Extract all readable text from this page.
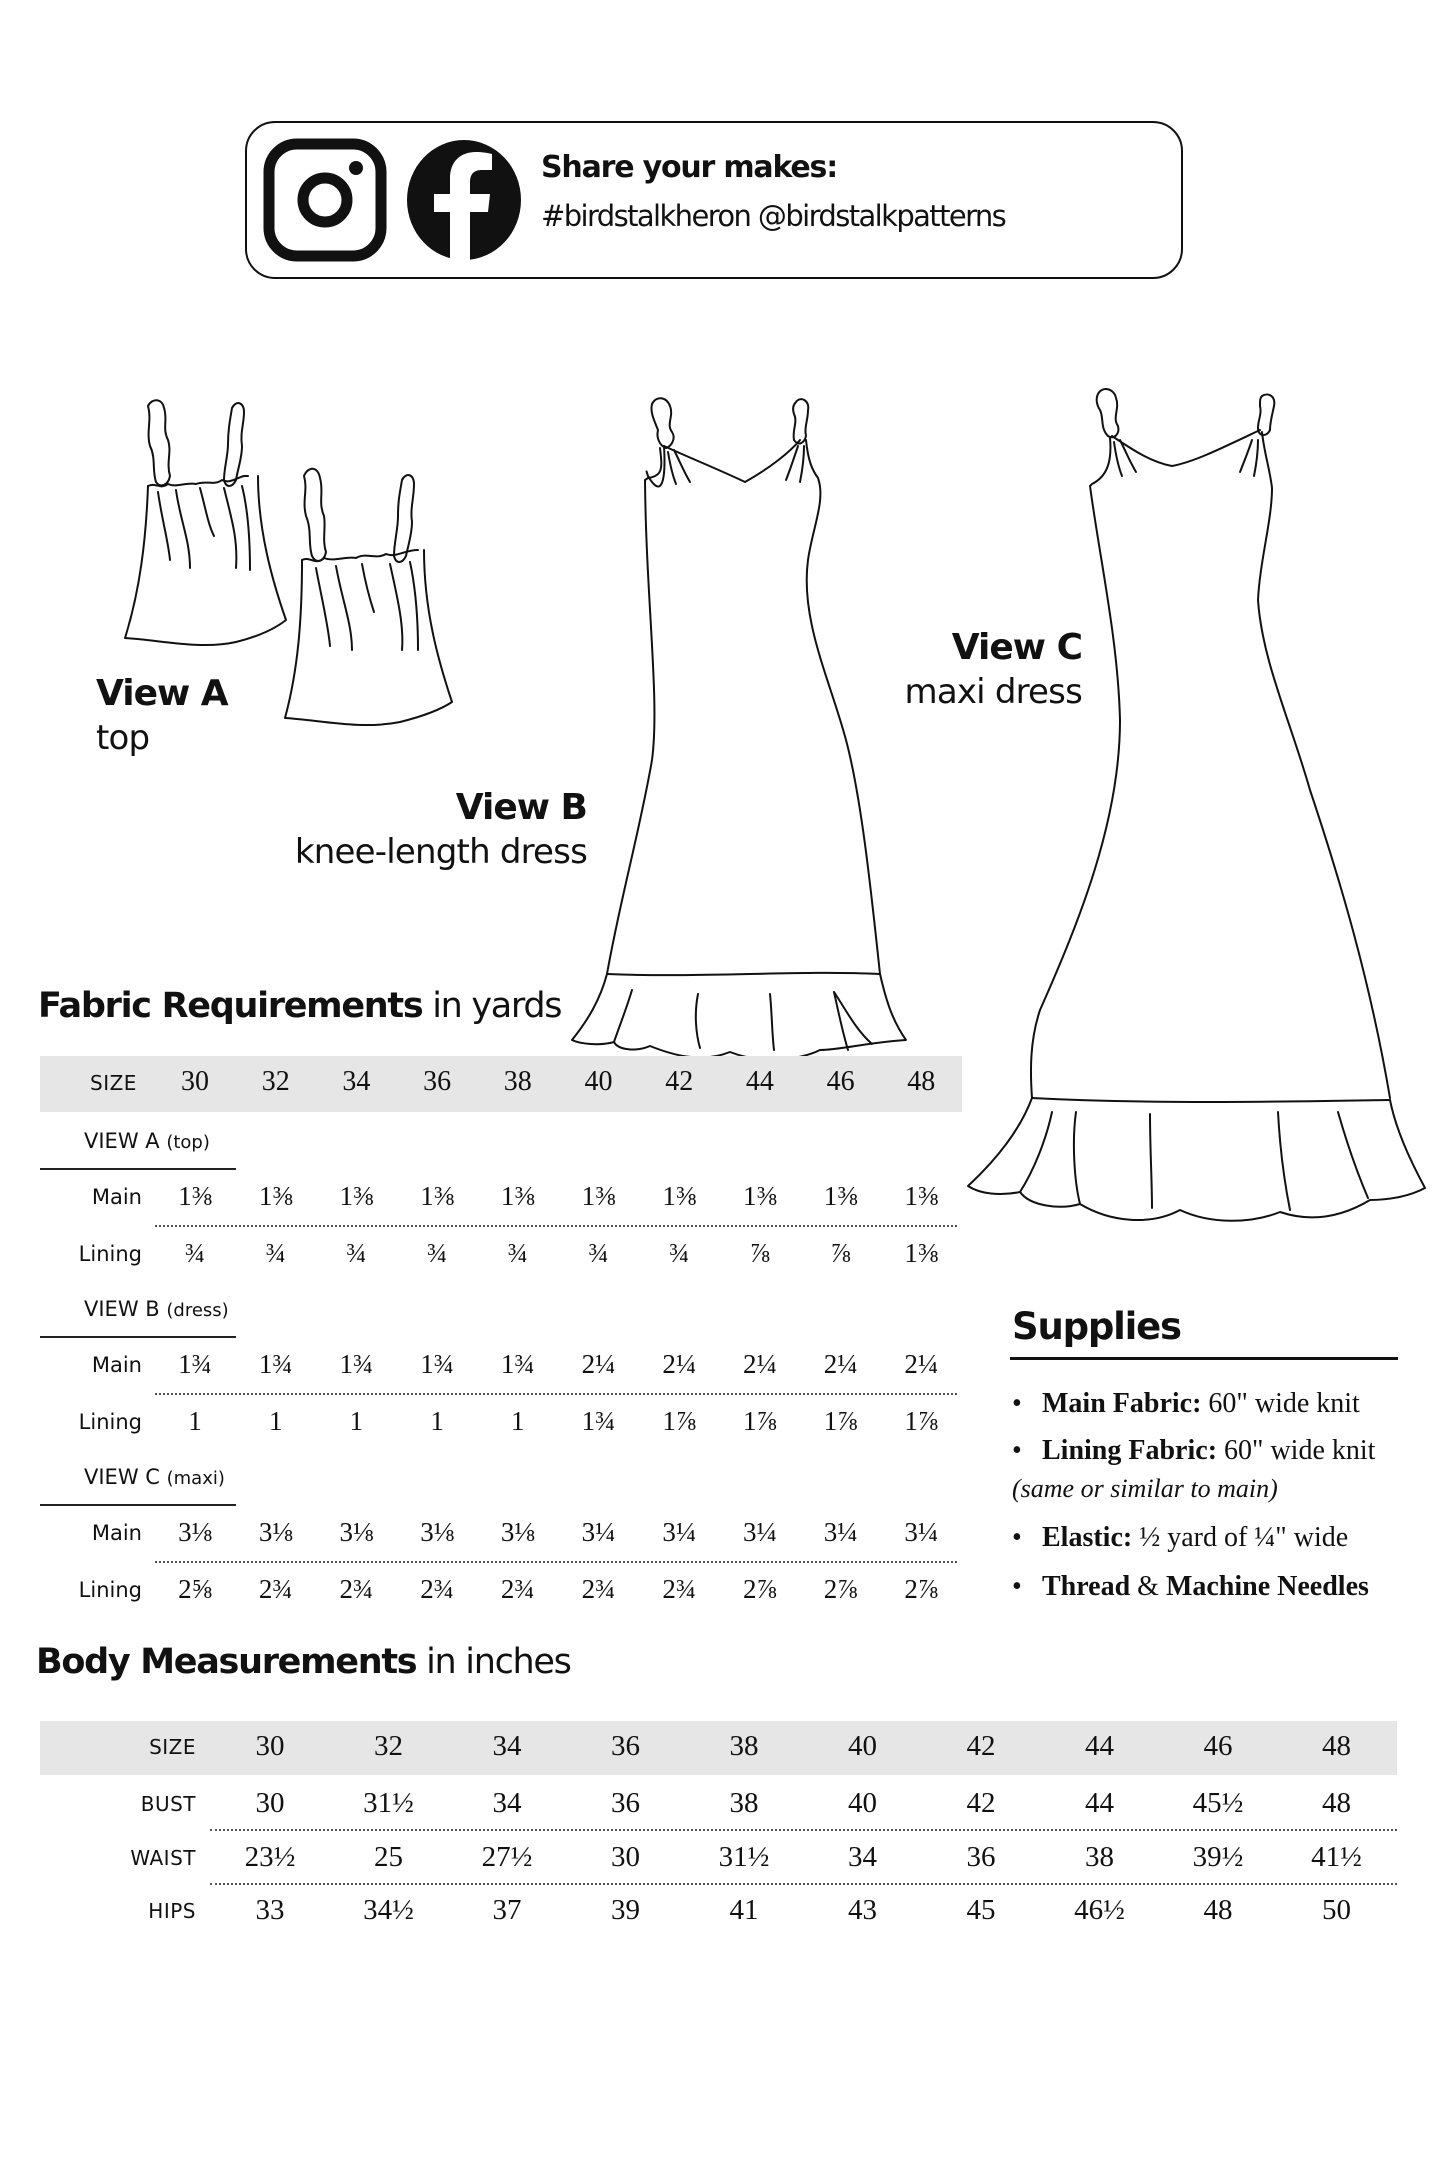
Share your makes:
#birdstalkheron @birdstalkpatterns
View A
top
View B
knee-length dress
View C
maxi dress
Fabric Requirements in yards
SIZE	30	32	34	36	38	40	42	44	46	48
VIEW A (top)
Main	1⅜	1⅜	1⅜	1⅜	1⅜	1⅜	1⅜	1⅜	1⅜	1⅜
Lining	¾	¾	¾	¾	¾	¾	¾	⅞	⅞	1⅜
VIEW B (dress)
Main	1¾	1¾	1¾	1¾	1¾	2¼	2¼	2¼	2¼	2¼
Lining	1	1	1	1	1	1¾	1⅞	1⅞	1⅞	1⅞
VIEW C (maxi)
Main	3⅛	3⅛	3⅛	3⅛	3⅛	3¼	3¼	3¼	3¼	3¼
Lining	2⅝	2¾	2¾	2¾	2¾	2¾	2¾	2⅞	2⅞	2⅞
Supplies
• Main Fabric: 60" wide knit
• Lining Fabric: 60" wide knit
(same or similar to main)
• Elastic: ½ yard of ¼" wide
• Thread & Machine Needles
Body Measurements in inches
SIZE	30	32	34	36	38	40	42	44	46	48
BUST	30	31½	34	36	38	40	42	44	45½	48
WAIST	23½	25	27½	30	31½	34	36	38	39½	41½
HIPS	33	34½	37	39	41	43	45	46½	48	50
